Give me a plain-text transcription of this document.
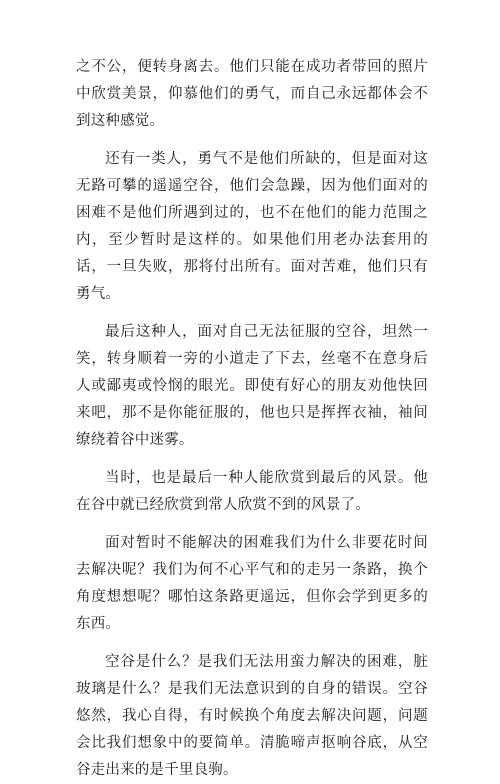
之不公，便转身离去。他们只能在成功者带回的照片中欣赏美景，仰慕他们的勇气，而自己永远都体会不到这种感觉。

还有一类人，勇气不是他们所缺的，但是面对这无路可攀的遥遥空谷，他们会急躁，因为他们面对的困难不是他们所遇到过的，也不在他们的能力范围之内，至少暂时是这样的。如果他们用老办法套用的话，一旦失败，那将付出所有。面对苦难，他们只有勇气。

最后这种人，面对自己无法征服的空谷，坦然一笑，转身顺着一旁的小道走了下去，丝毫不在意身后人或鄙夷或怜悯的眼光。即使有好心的朋友劝他快回来吧，那不是你能征服的，他也只是挥挥衣袖，袖间缭绕着谷中迷雾。

当时，也是最后一种人能欣赏到最后的风景。他在谷中就已经欣赏到常人欣赏不到的风景了。

面对暂时不能解决的困难我们为什么非要花时间去解决呢？我们为何不心平气和的走另一条路，换个角度想想呢？哪怕这条路更遥远，但你会学到更多的东西。

空谷是什么？是我们无法用蛮力解决的困难，脏玻璃是什么？是我们无法意识到的自身的错误。空谷悠然，我心自得，有时候换个角度去解决问题，问题会比我们想象中的要简单。清脆啼声抠响谷底，从空谷走出来的是千里良驹。
